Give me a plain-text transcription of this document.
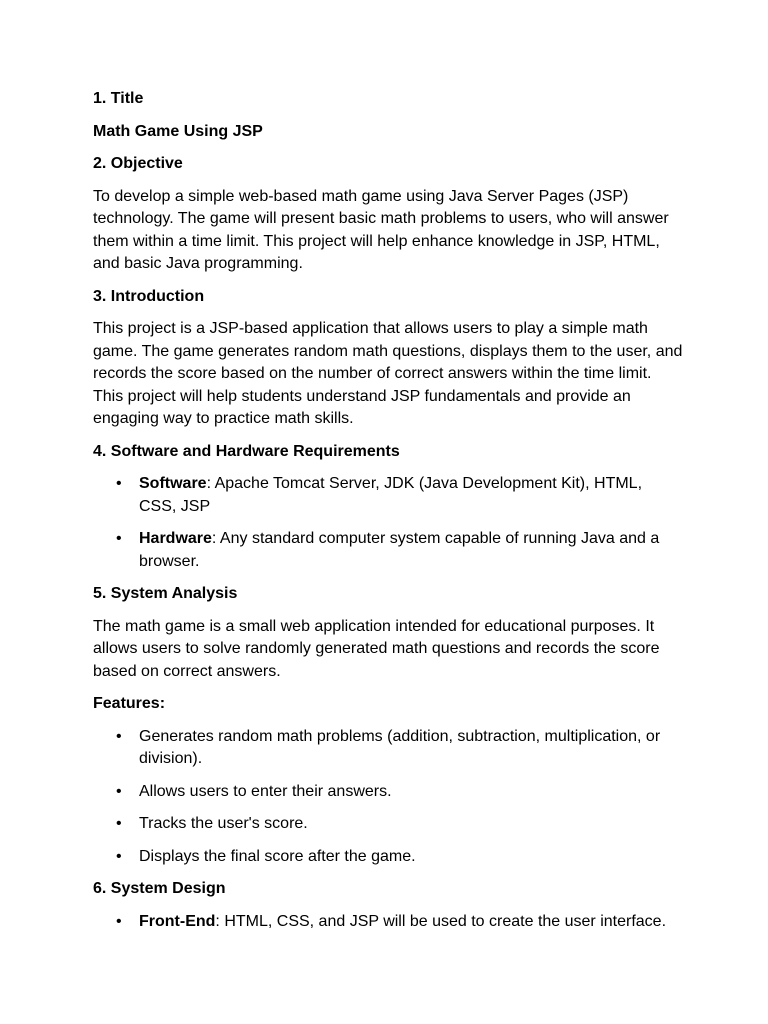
1. Title
Math Game Using JSP
2. Objective
To develop a simple web-based math game using Java Server Pages (JSP) technology. The game will present basic math problems to users, who will answer them within a time limit. This project will help enhance knowledge in JSP, HTML, and basic Java programming.
3. Introduction
This project is a JSP-based application that allows users to play a simple math game. The game generates random math questions, displays them to the user, and records the score based on the number of correct answers within the time limit. This project will help students understand JSP fundamentals and provide an engaging way to practice math skills.
4. Software and Hardware Requirements
• Software: Apache Tomcat Server, JDK (Java Development Kit), HTML, CSS, JSP
• Hardware: Any standard computer system capable of running Java and a browser.
5. System Analysis
The math game is a small web application intended for educational purposes. It allows users to solve randomly generated math questions and records the score based on correct answers.
Features:
• Generates random math problems (addition, subtraction, multiplication, or division).
• Allows users to enter their answers.
• Tracks the user's score.
• Displays the final score after the game.
6. System Design
• Front-End: HTML, CSS, and JSP will be used to create the user interface.
